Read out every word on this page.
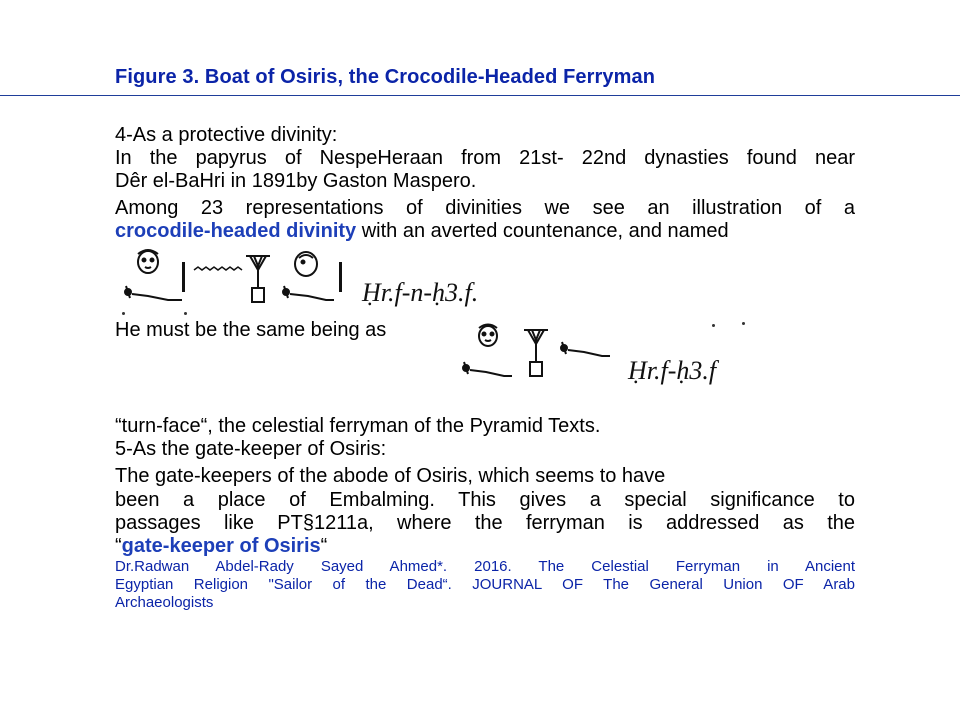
Figure 3. Boat of Osiris, the Crocodile-Headed Ferryman
4-As a protective divinity:
In the papyrus of NespeHeraan from 21st- 22nd dynasties found near
Dêr el-BaHri in 1891by Gaston Maspero.
Among 23 representations of divinities we see an illustration of a
crocodile-headed divinity with an averted countenance, and named
Ḥr.f-n-ḥ3.f.
He must be the same being as
Ḥr.f-ḥ3.f
“turn-face“, the celestial ferryman of the Pyramid Texts.
5-As the gate-keeper of Osiris:
The gate-keepers of the abode of Osiris, which seems to have
been a place of Embalming. This gives a special significance to
passages like PT§1211a, where the ferryman is addressed as the
“gate-keeper of Osiris“
Dr.Radwan Abdel-Rady Sayed Ahmed*. 2016. The Celestial Ferryman in Ancient
Egyptian Religion "Sailor of the Dead“. JOURNAL OF The General Union OF Arab
Archaeologists
